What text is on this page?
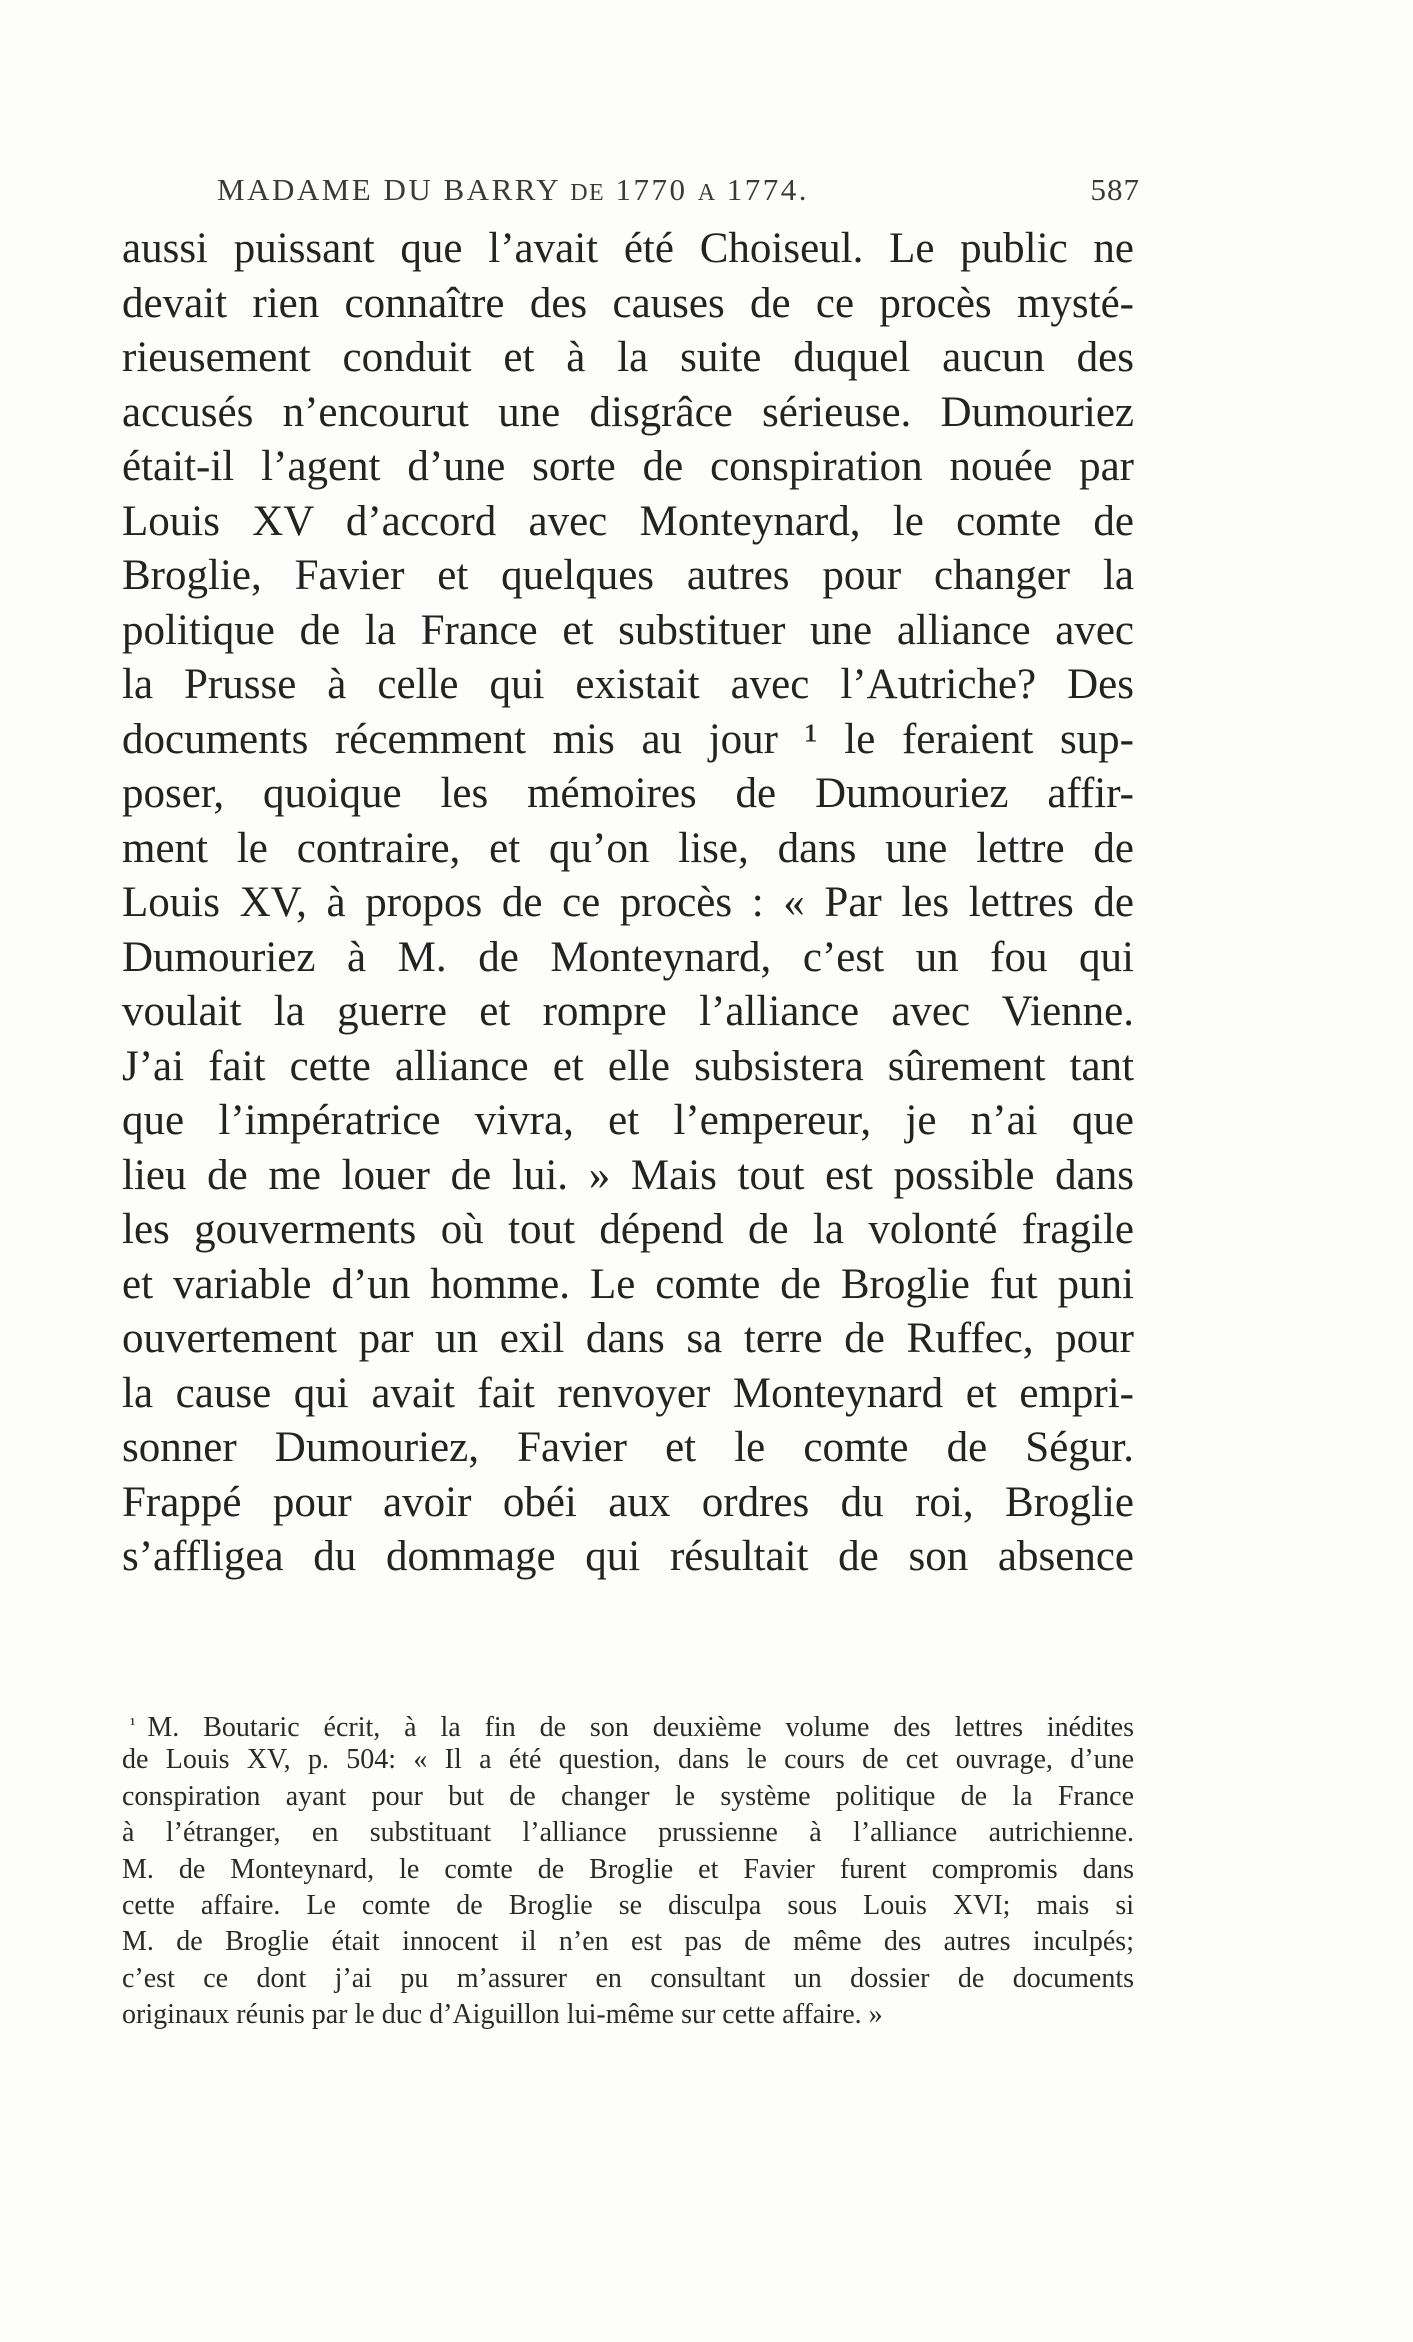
MADAME DU BARRY DE 1770 A 1774.	587
aussi puissant que l’avait été Choiseul. Le public ne
devait rien connaître des causes de ce procès mysté-
rieusement conduit et à la suite duquel aucun des
accusés n’encourut une disgrâce sérieuse. Dumouriez
était-il l’agent d’une sorte de conspiration nouée par
Louis XV d’accord avec Monteynard, le comte de
Broglie, Favier et quelques autres pour changer la
politique de la France et substituer une alliance avec
la Prusse à celle qui existait avec l’Autriche? Des
documents récemment mis au jour ¹ le feraient sup-
poser, quoique les mémoires de Dumouriez affir-
ment le contraire, et qu’on lise, dans une lettre de
Louis XV, à propos de ce procès : « Par les lettres de
Dumouriez à M. de Monteynard, c’est un fou qui
voulait la guerre et rompre l’alliance avec Vienne.
J’ai fait cette alliance et elle subsistera sûrement tant
que l’impératrice vivra, et l’empereur, je n’ai que
lieu de me louer de lui. » Mais tout est possible dans
les gouverments où tout dépend de la volonté fragile
et variable d’un homme. Le comte de Broglie fut puni
ouvertement par un exil dans sa terre de Ruffec, pour
la cause qui avait fait renvoyer Monteynard et empri-
sonner Dumouriez, Favier et le comte de Ségur.
Frappé pour avoir obéi aux ordres du roi, Broglie
s’affligea du dommage qui résultait de son absence
$^{^1}$ M. Boutaric écrit, à la fin de son deuxième volume des lettres inédites
de Louis XV, p. 504: « Il a été question, dans le cours de cet ouvrage, d’une
conspiration ayant pour but de changer le système politique de la France
à l’étranger, en substituant l’alliance prussienne à l’alliance autrichienne.
M. de Monteynard, le comte de Broglie et Favier furent compromis dans
cette affaire. Le comte de Broglie se disculpa sous Louis XVI; mais si
M. de Broglie était innocent il n’en est pas de même des autres inculpés;
c’est ce dont j’ai pu m’assurer en consultant un dossier de documents
originaux réunis par le duc d’Aiguillon lui-même sur cette affaire. »
